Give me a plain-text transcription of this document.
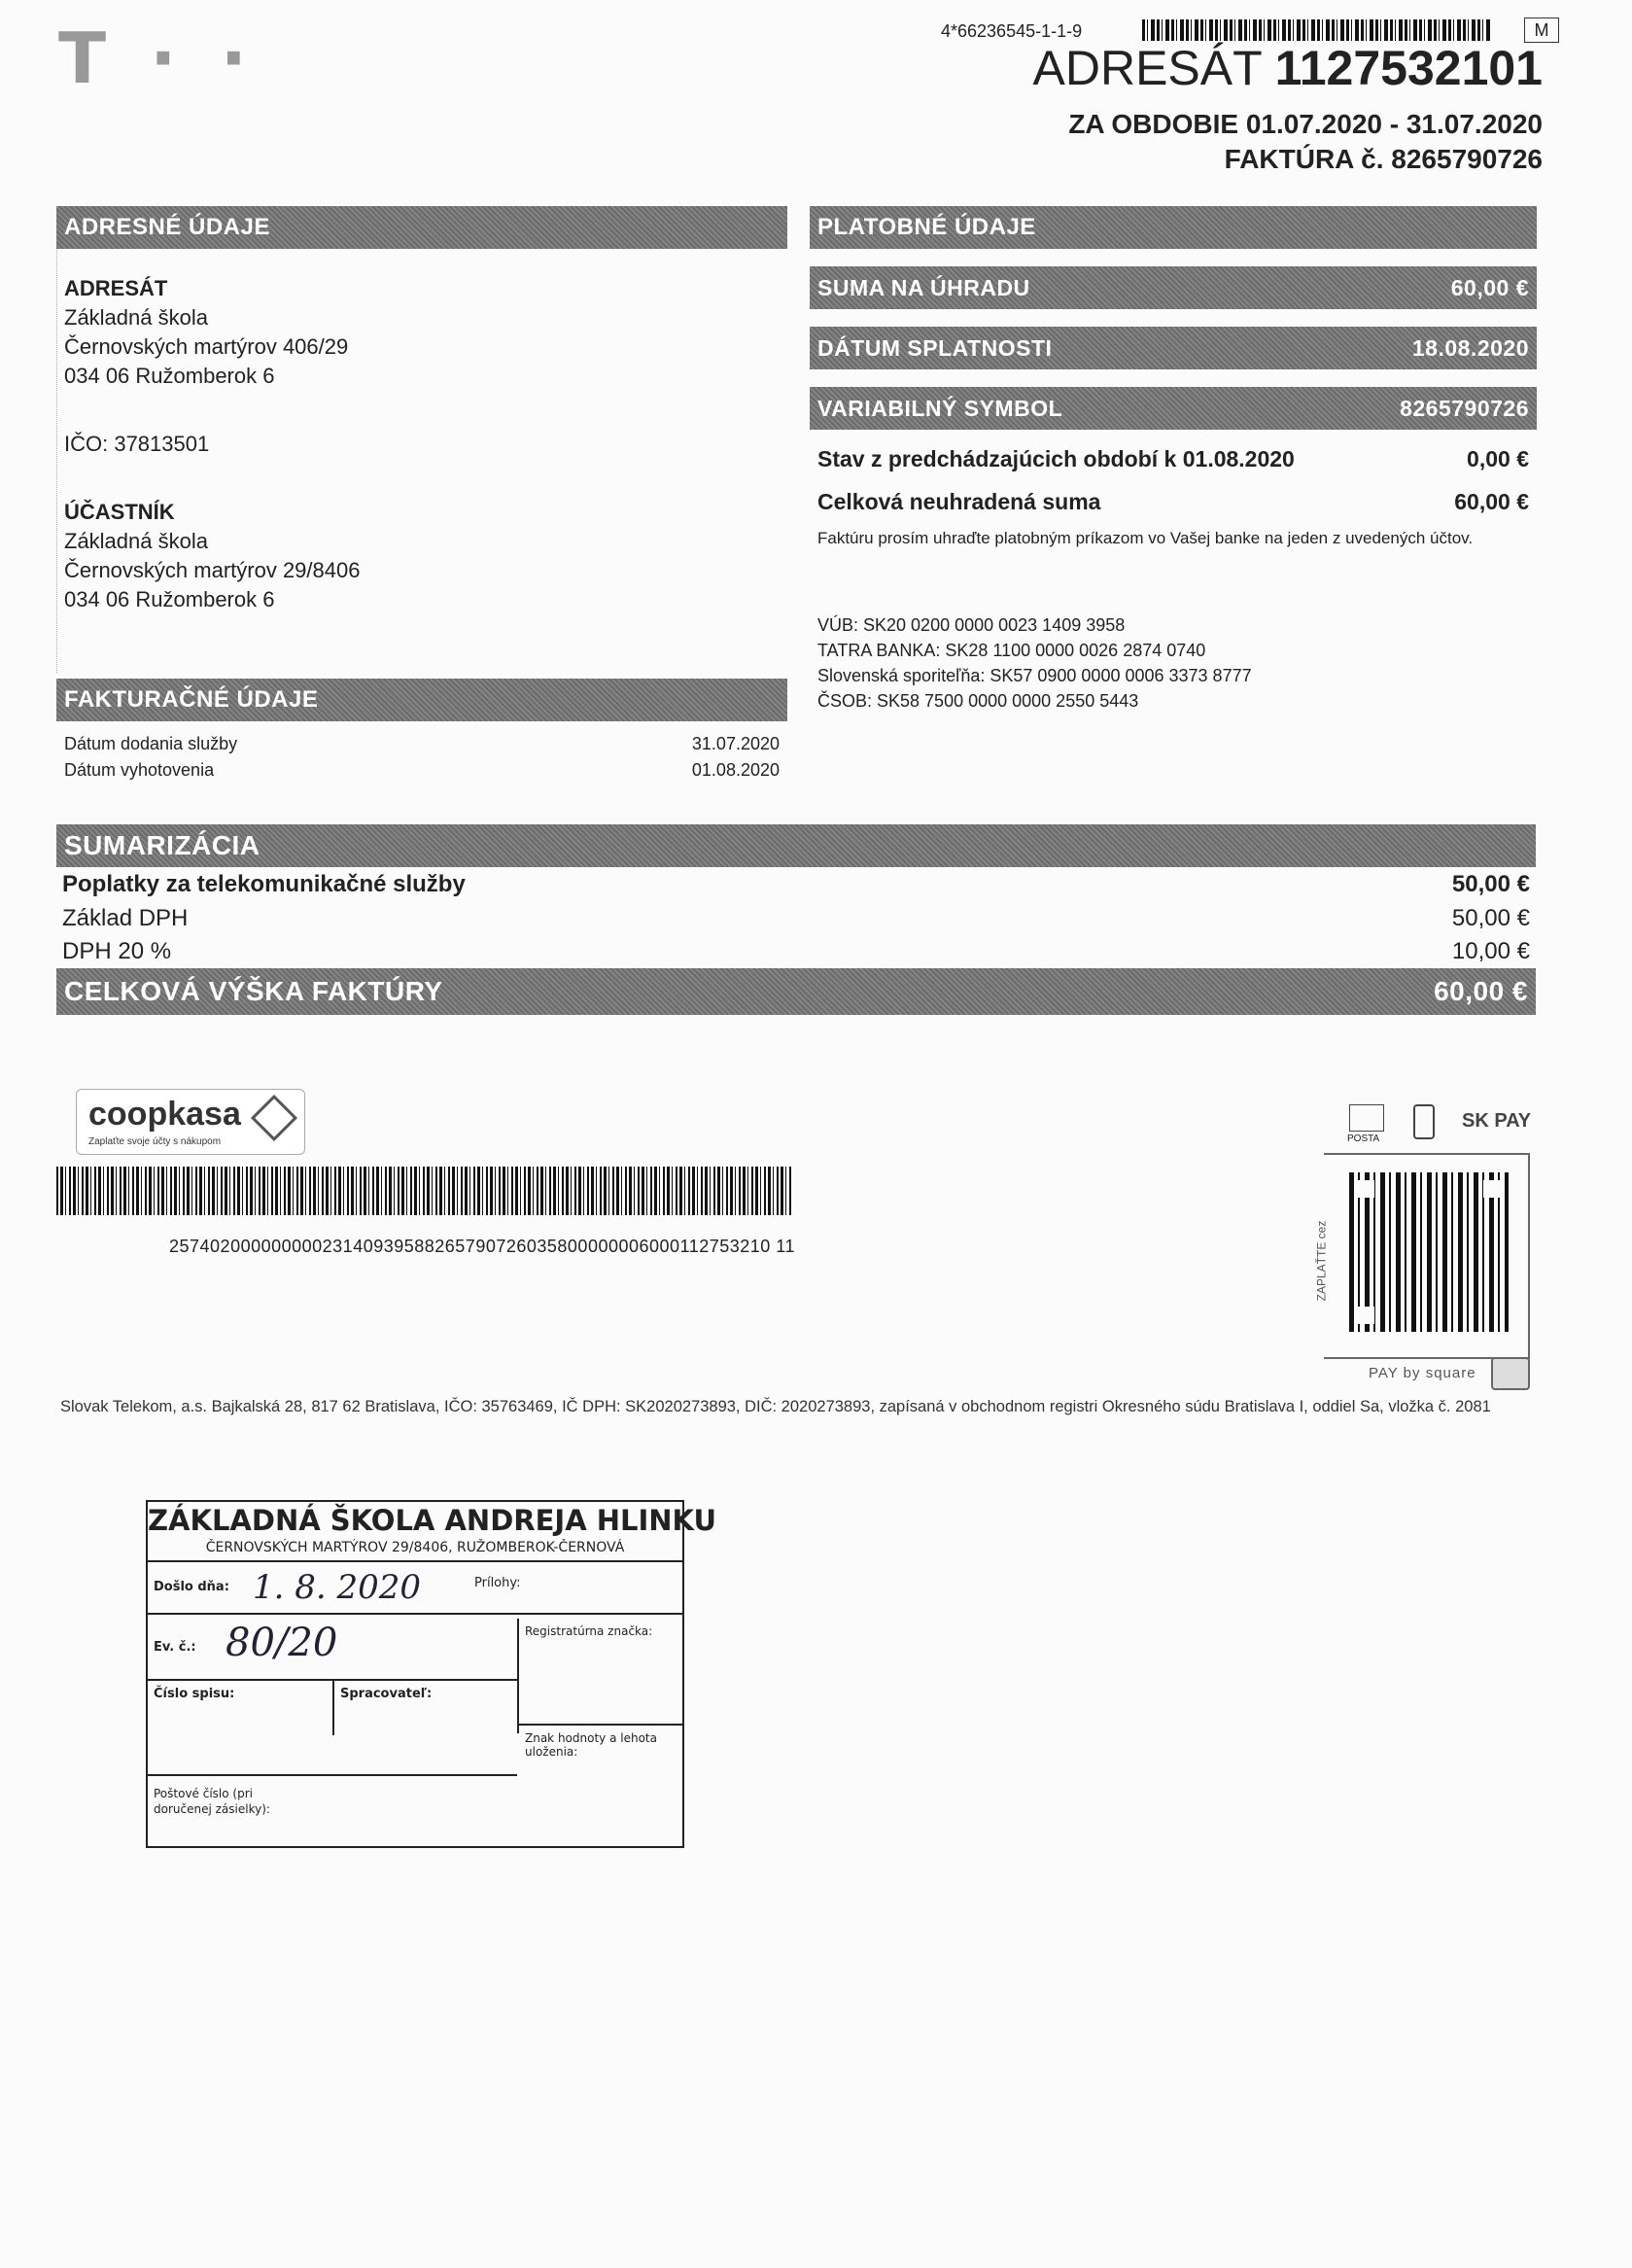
T · ·	4*66236545-1-1-9	M
ADRESÁT 1127532101
ZA OBDOBIE 01.07.2020 - 31.07.2020
FAKTÚRA č. 8265790726
ADRESNÉ ÚDAJE
ADRESÁT
Základná škola
Černovských martýrov 406/29
034 06 Ružomberok 6
IČO: 37813501
ÚČASTNÍK
Základná škola
Černovských martýrov 29/8406
034 06 Ružomberok 6
FAKTURAČNÉ ÚDAJE
Dátum dodania služby	31.07.2020
Dátum vyhotovenia	01.08.2020
PLATOBNÉ ÚDAJE
SUMA NA ÚHRADU	60,00 €
DÁTUM SPLATNOSTI	18.08.2020
VARIABILNÝ SYMBOL	8265790726
Stav z predchádzajúcich období k 01.08.2020	0,00 €
Celková neuhradená suma	60,00 €
Faktúru prosím uhraďte platobným príkazom vo Vašej banke na jeden z uvedených účtov.
VÚB: SK20 0200 0000 0023 1409 3958
TATRA BANKA: SK28 1100 0000 0026 2874 0740
Slovenská sporiteľňa: SK57 0900 0000 0006 3373 8777
ČSOB: SK58 7500 0000 0000 2550 5443
SUMARIZÁCIA
Poplatky za telekomunikačné služby	50,00 €
Základ DPH	50,00 €
DPH 20 %	10,00 €
CELKOVÁ VÝŠKA FAKTÚRY	60,00 €
coopkasa
Zaplaťte svoje účty s nákupom
25740200000000023140939588265790726035800000006000112753210 11
POSTA
SK PAY
ZAPLAŤTE cez
PAY by square
Slovak Telekom, a.s. Bajkalská 28, 817 62 Bratislava, IČO: 35763469, IČ DPH: SK2020273893, DIČ: 2020273893, zapísaná v obchodnom registri Okresného súdu Bratislava I, oddiel Sa, vložka č. 2081
ZÁKLADNÁ ŠKOLA ANDREJA HLINKU
ČERNOVSKÝCH MARTÝROV 29/8406, RUŽOMBEROK-ČERNOVÁ
Došlo dňa: 1. 8. 2020	Prílohy:
Ev. č.: 80/20
Číslo spisu:	Spracovateľ:
Registratúrna značka:
Znak hodnoty a lehota uloženia:
Poštové číslo (pri doručenej zásielky):
